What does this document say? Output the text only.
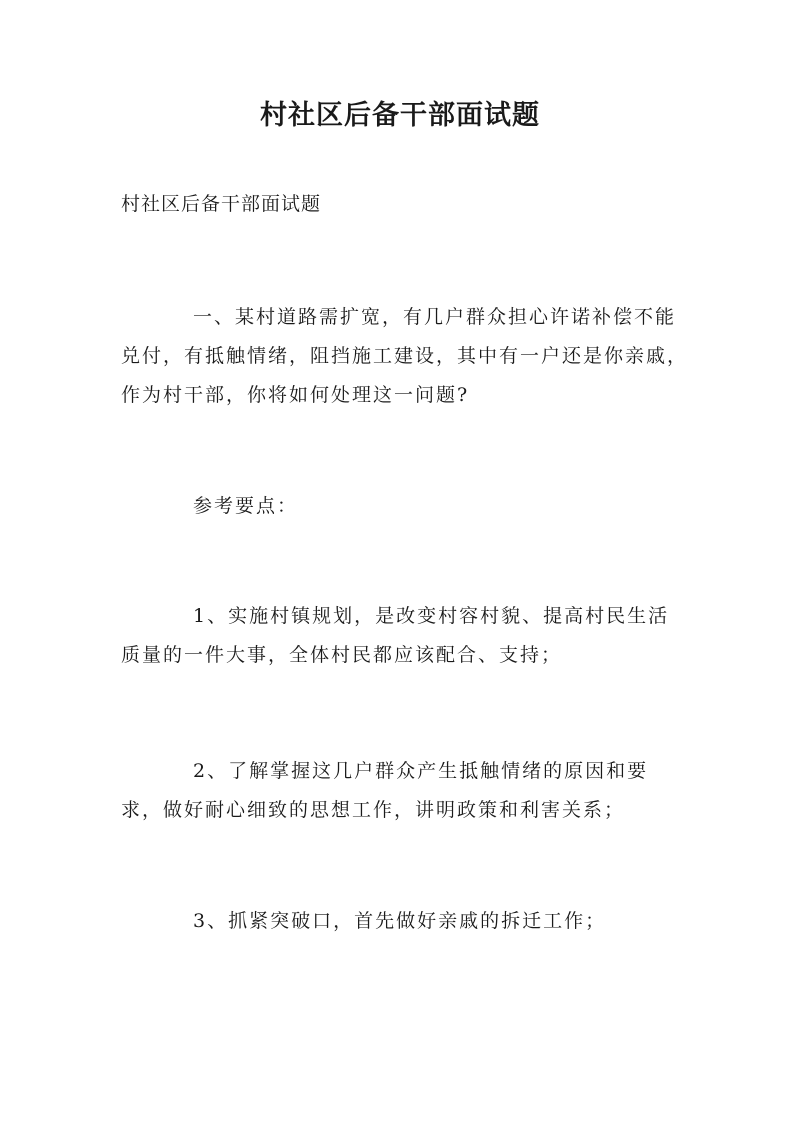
村社区后备干部面试题

村社区后备干部面试题

一、某村道路需扩宽，有几户群众担心许诺补偿不能兑付，有抵触情绪，阻挡施工建设，其中有一户还是你亲戚，作为村干部，你将如何处理这一问题?

参考要点：

1、实施村镇规划，是改变村容村貌、提高村民生活质量的一件大事，全体村民都应该配合、支持；

2、了解掌握这几户群众产生抵触情绪的原因和要求，做好耐心细致的思想工作，讲明政策和利害关系；

3、抓紧突破口，首先做好亲戚的拆迁工作；
